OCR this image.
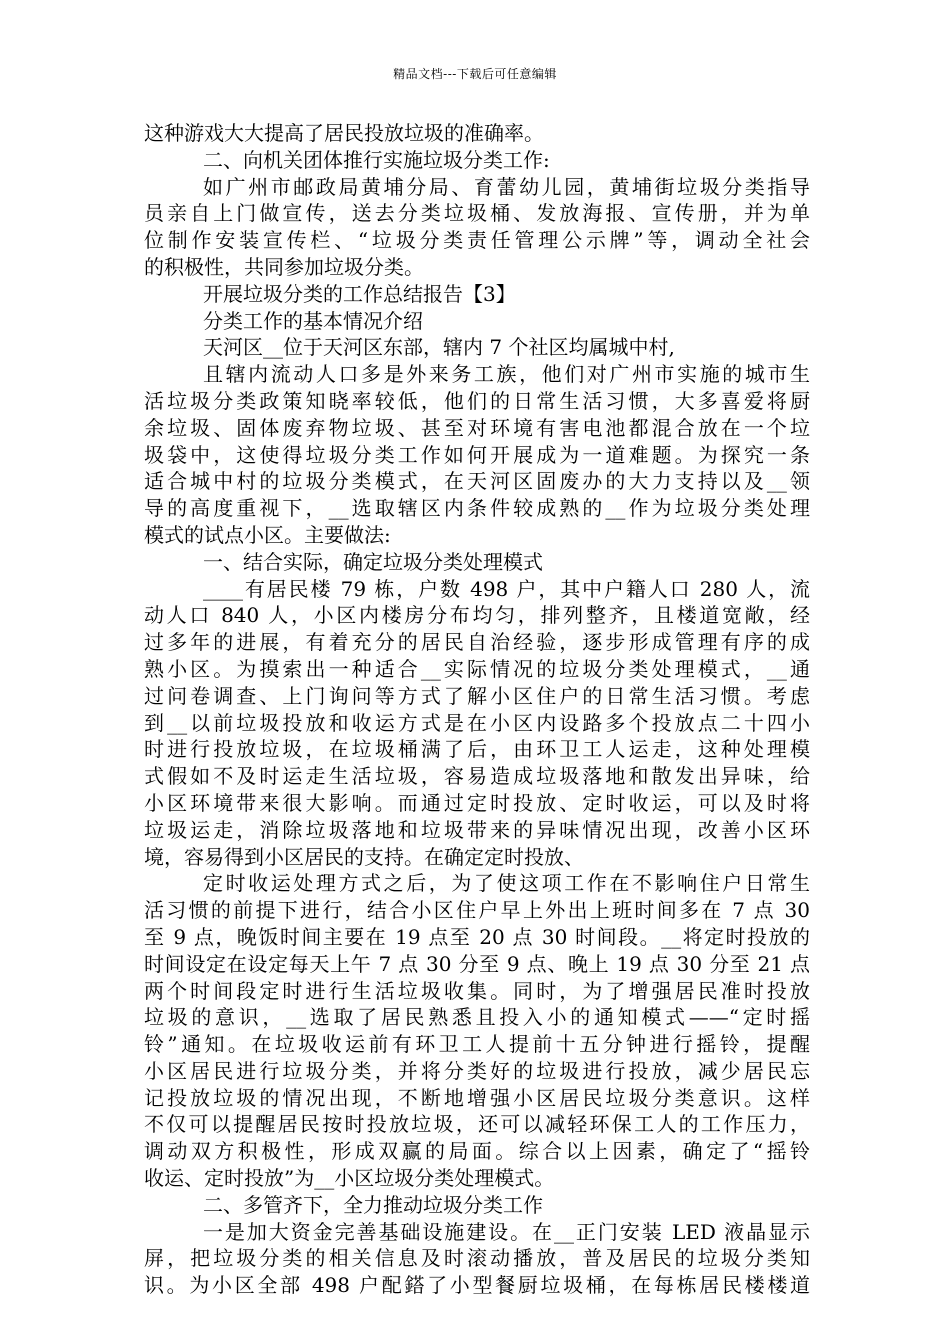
精品文档---下载后可任意编辑
这种游戏大大提高了居民投放垃圾的准确率。
二、向机关团体推行实施垃圾分类工作:
如广州市邮政局黄埔分局、育蕾幼儿园，黄埔街垃圾分类指导
员亲自上门做宣传，送去分类垃圾桶、发放海报、宣传册，并为单
位制作安装宣传栏、“垃圾分类责任管理公示牌”等，调动全社会
的积极性，共同参加垃圾分类。
开展垃圾分类的工作总结报告【3】
分类工作的基本情况介绍
天河区__位于天河区东部，辖内 7 个社区均属城中村,
且辖内流动人口多是外来务工族，他们对广州市实施的城市生
活垃圾分类政策知晓率较低，他们的日常生活习惯，大多喜爱将厨
余垃圾、固体废弃物垃圾、甚至对环境有害电池都混合放在一个垃
圾袋中，这使得垃圾分类工作如何开展成为一道难题。为探究一条
适合城中村的垃圾分类模式，在天河区固废办的大力支持以及__领
导的高度重视下，__选取辖区内条件较成熟的__作为垃圾分类处理
模式的试点小区。主要做法:
一、结合实际，确定垃圾分类处理模式
____有居民楼 79 栋，户数 498 户，其中户籍人口 280 人，流
动人口 840 人，小区内楼房分布均匀，排列整齐，且楼道宽敞，经
过多年的进展，有着充分的居民自治经验，逐步形成管理有序的成
熟小区。为摸索出一种适合__实际情况的垃圾分类处理模式，__通
过问卷调查、上门询问等方式了解小区住户的日常生活习惯。考虑
到__以前垃圾投放和收运方式是在小区内设路多个投放点二十四小
时进行投放垃圾，在垃圾桶满了后，由环卫工人运走，这种处理模
式假如不及时运走生活垃圾，容易造成垃圾落地和散发出异味，给
小区环境带来很大影响。而通过定时投放、定时收运，可以及时将
垃圾运走，消除垃圾落地和垃圾带来的异味情况出现，改善小区环
境，容易得到小区居民的支持。在确定定时投放、
定时收运处理方式之后，为了使这项工作在不影响住户日常生
活习惯的前提下进行，结合小区住户早上外出上班时间多在 7 点 30
至 9 点，晚饭时间主要在 19 点至 20 点 30 时间段。__将定时投放的
时间设定在设定每天上午 7 点 30 分至 9 点、晚上 19 点 30 分至 21 点
两个时间段定时进行生活垃圾收集。同时，为了增强居民准时投放
垃圾的意识，__选取了居民熟悉且投入小的通知模式——“定时摇
铃”通知。在垃圾收运前有环卫工人提前十五分钟进行摇铃，提醒
小区居民进行垃圾分类，并将分类好的垃圾进行投放，减少居民忘
记投放垃圾的情况出现，不断地增强小区居民垃圾分类意识。这样
不仅可以提醒居民按时投放垃圾，还可以减轻环保工人的工作压力，
调动双方积极性，形成双赢的局面。综合以上因素，确定了“摇铃
收运、定时投放”为__小区垃圾分类处理模式。
二、多管齐下，全力推动垃圾分类工作
一是加大资金完善基础设施建设。在__正门安装 LED 液晶显示
屏，把垃圾分类的相关信息及时滚动播放，普及居民的垃圾分类知
识。为小区全部 498 户配鎝了小型餐厨垃圾桶，在每栋居民楼楼道
